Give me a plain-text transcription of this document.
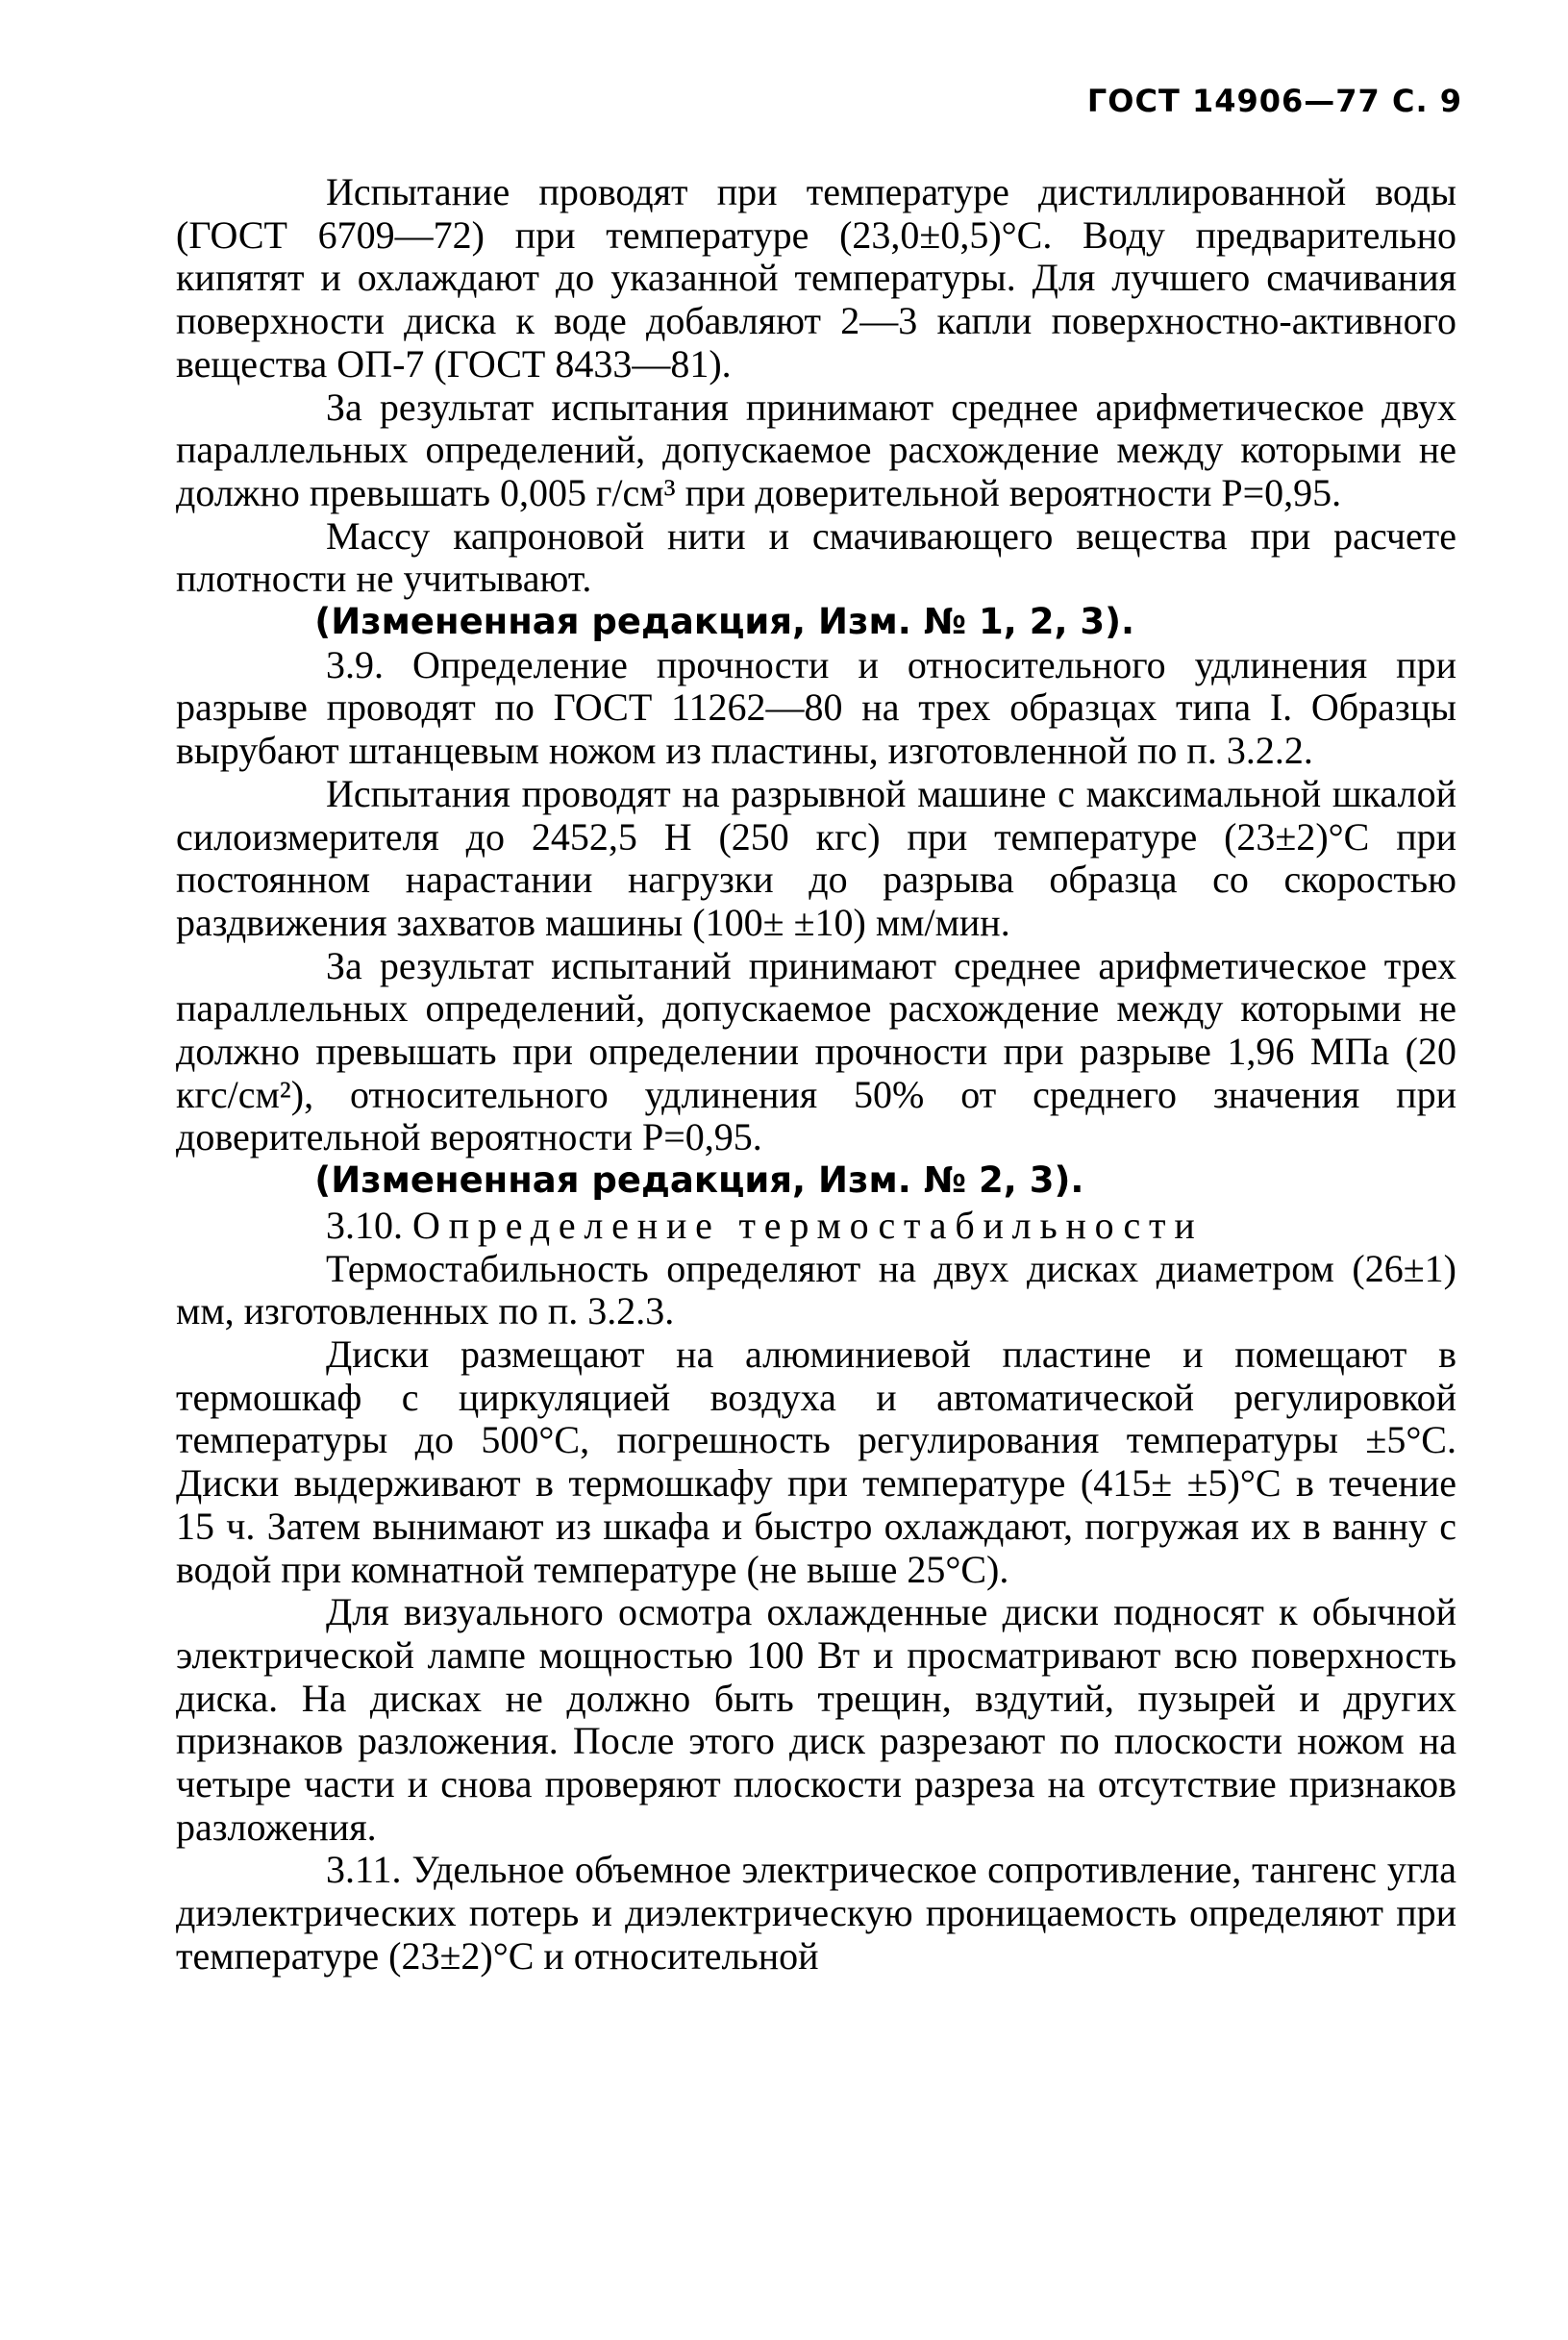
ГОСТ 14906—77 С. 9

Испытание проводят при температуре дистиллированной воды (ГОСТ 6709—72) при температуре (23,0±0,5)°С. Воду предварительно кипятят и охлаждают до указанной температуры. Для лучшего смачивания поверхности диска к воде добавляют 2—3 капли поверхностно-активного вещества ОП-7 (ГОСТ 8433—81).

За результат испытания принимают среднее арифметическое двух параллельных определений, допускаемое расхождение между которыми не должно превышать 0,005 г/см³ при доверительной вероятности P=0,95.

Массу капроновой нити и смачивающего вещества при расчете плотности не учитывают.

(Измененная редакция, Изм. № 1, 2, 3).

3.9. Определение прочности и относительного удлинения при разрыве проводят по ГОСТ 11262—80 на трех образцах типа I. Образцы вырубают штанцевым ножом из пластины, изготовленной по п. 3.2.2.

Испытания проводят на разрывной машине с максимальной шкалой силоизмерителя до 2452,5 Н (250 кгс) при температуре (23±2)°С при постоянном нарастании нагрузки до разрыва образца со скоростью раздвижения захватов машины (100± ±10) мм/мин.

За результат испытаний принимают среднее арифметическое трех параллельных определений, допускаемое расхождение между которыми не должно превышать при определении прочности при разрыве 1,96 МПа (20 кгс/см²), относительного удлинения 50% от среднего значения при доверительной вероятности P=0,95.

(Измененная редакция, Изм. № 2, 3).

3.10. Определение термостабильности

Термостабильность определяют на двух дисках диаметром (26±1) мм, изготовленных по п. 3.2.3.

Диски размещают на алюминиевой пластине и помещают в термошкаф с циркуляцией воздуха и автоматической регулировкой температуры до 500°С, погрешность регулирования температуры ±5°С. Диски выдерживают в термошкафу при температуре (415± ±5)°С в течение 15 ч. Затем вынимают из шкафа и быстро охлаждают, погружая их в ванну с водой при комнатной температуре (не выше 25°С).

Для визуального осмотра охлажденные диски подносят к обычной электрической лампе мощностью 100 Вт и просматривают всю поверхность диска. На дисках не должно быть трещин, вздутий, пузырей и других признаков разложения. После этого диск разрезают по плоскости ножом на четыре части и снова проверяют плоскости разреза на отсутствие признаков разложения.

3.11. Удельное объемное электрическое сопротивление, тангенс угла диэлектрических потерь и диэлектрическую проницаемость определяют при температуре (23±2)°С и относительной
